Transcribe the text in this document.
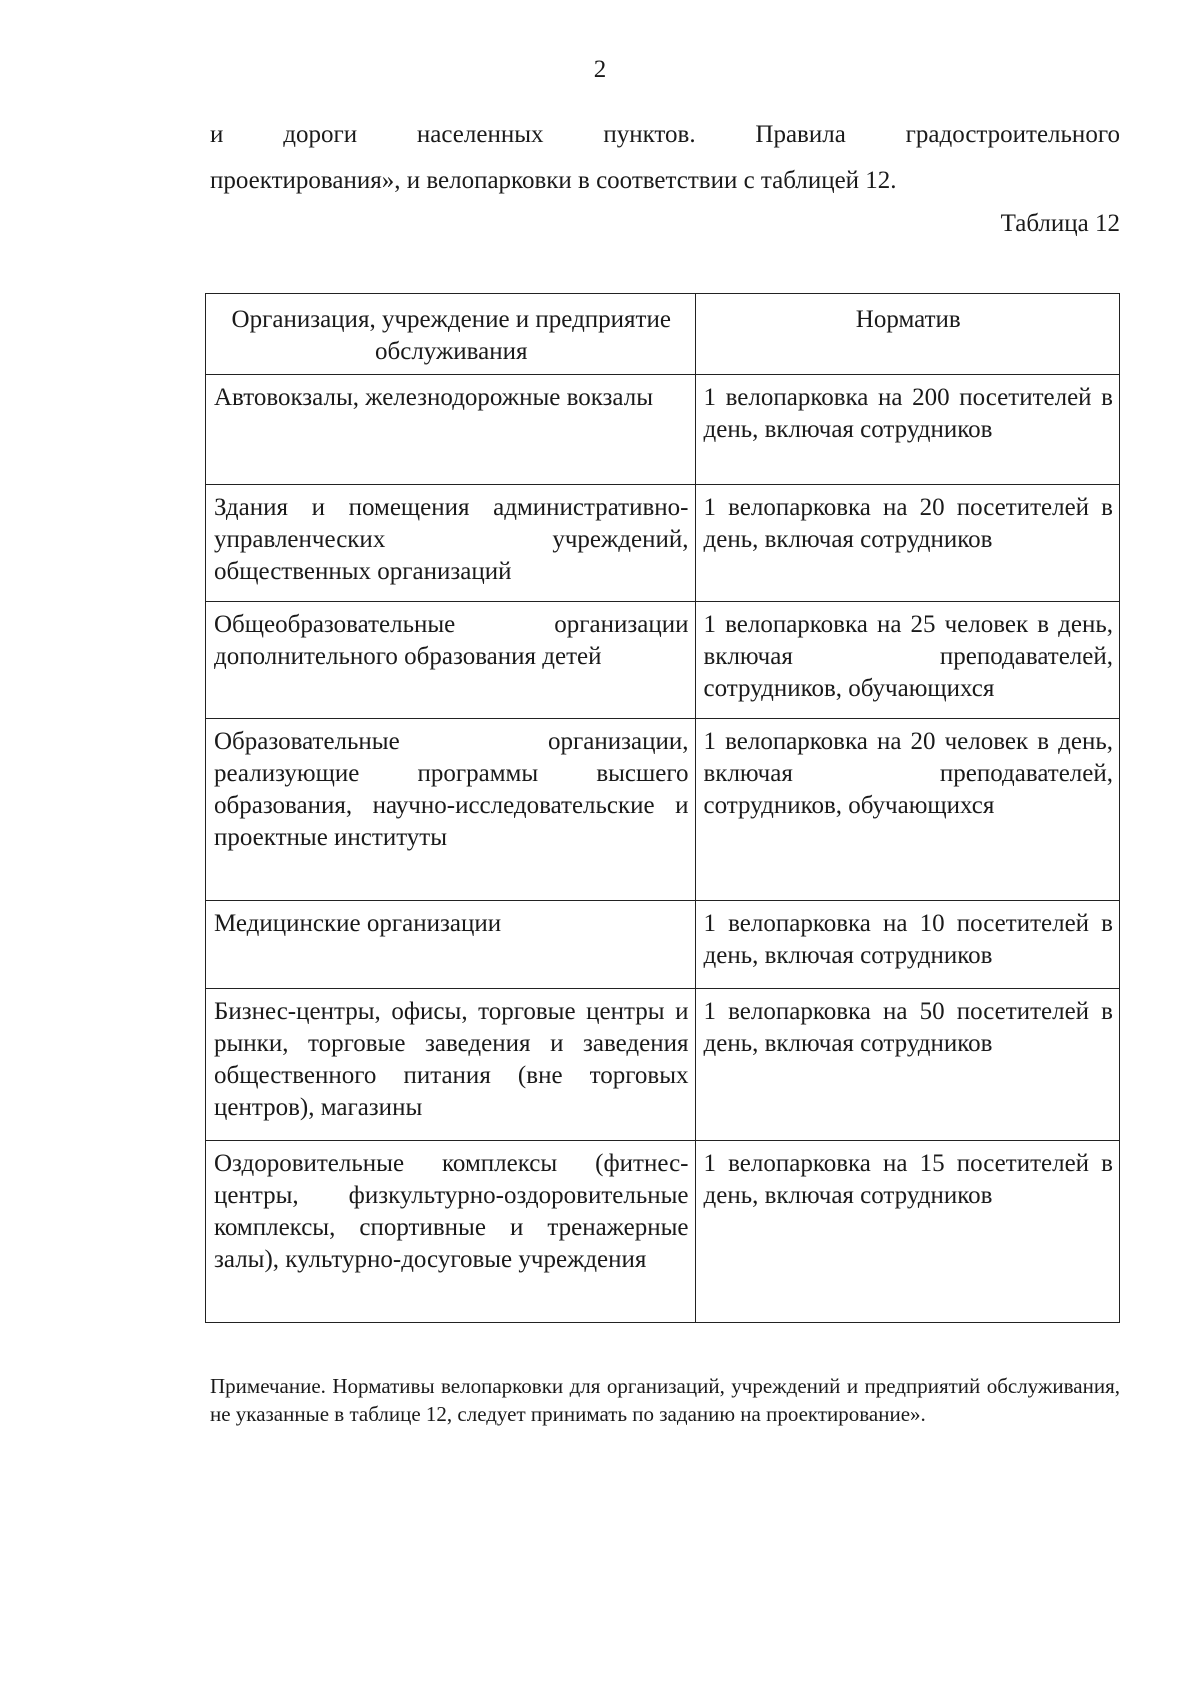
2
и дороги населенных пунктов. Правила градостроительного
проектирования», и велопарковки в соответствии с таблицей 12.
Таблица 12
Организация, учреждение и предприятие обслуживания	Норматив
Автовокзалы, железнодорожные вокзалы	1 велопарковка на 200 посетителей в день, включая сотрудников
Здания и помещения административно-управленческих учреждений, общественных организаций	1 велопарковка на 20 посетителей в день, включая сотрудников
Общеобразовательные организации дополнительного образования детей	1 велопарковка на 25 человек в день, включая преподавателей, сотрудников, обучающихся
Образовательные организации, реализующие программы высшего образования, научно-исследовательские и проектные институты	1 велопарковка на 20 человек в день, включая преподавателей, сотрудников, обучающихся
Медицинские организации	1 велопарковка на 10 посетителей в день, включая сотрудников
Бизнес-центры, офисы, торговые центры и рынки, торговые заведения и заведения общественного питания (вне торговых центров), магазины	1 велопарковка на 50 посетителей в день, включая сотрудников
Оздоровительные комплексы (фитнес-центры, физкультурно-оздоровительные комплексы, спортивные и тренажерные залы), культурно-досуговые учреждения	1 велопарковка на 15 посетителей в день, включая сотрудников
Примечание. Нормативы велопарковки для организаций, учреждений и предприятий обслуживания, не указанные в таблице 12, следует принимать по заданию на проектирование».
